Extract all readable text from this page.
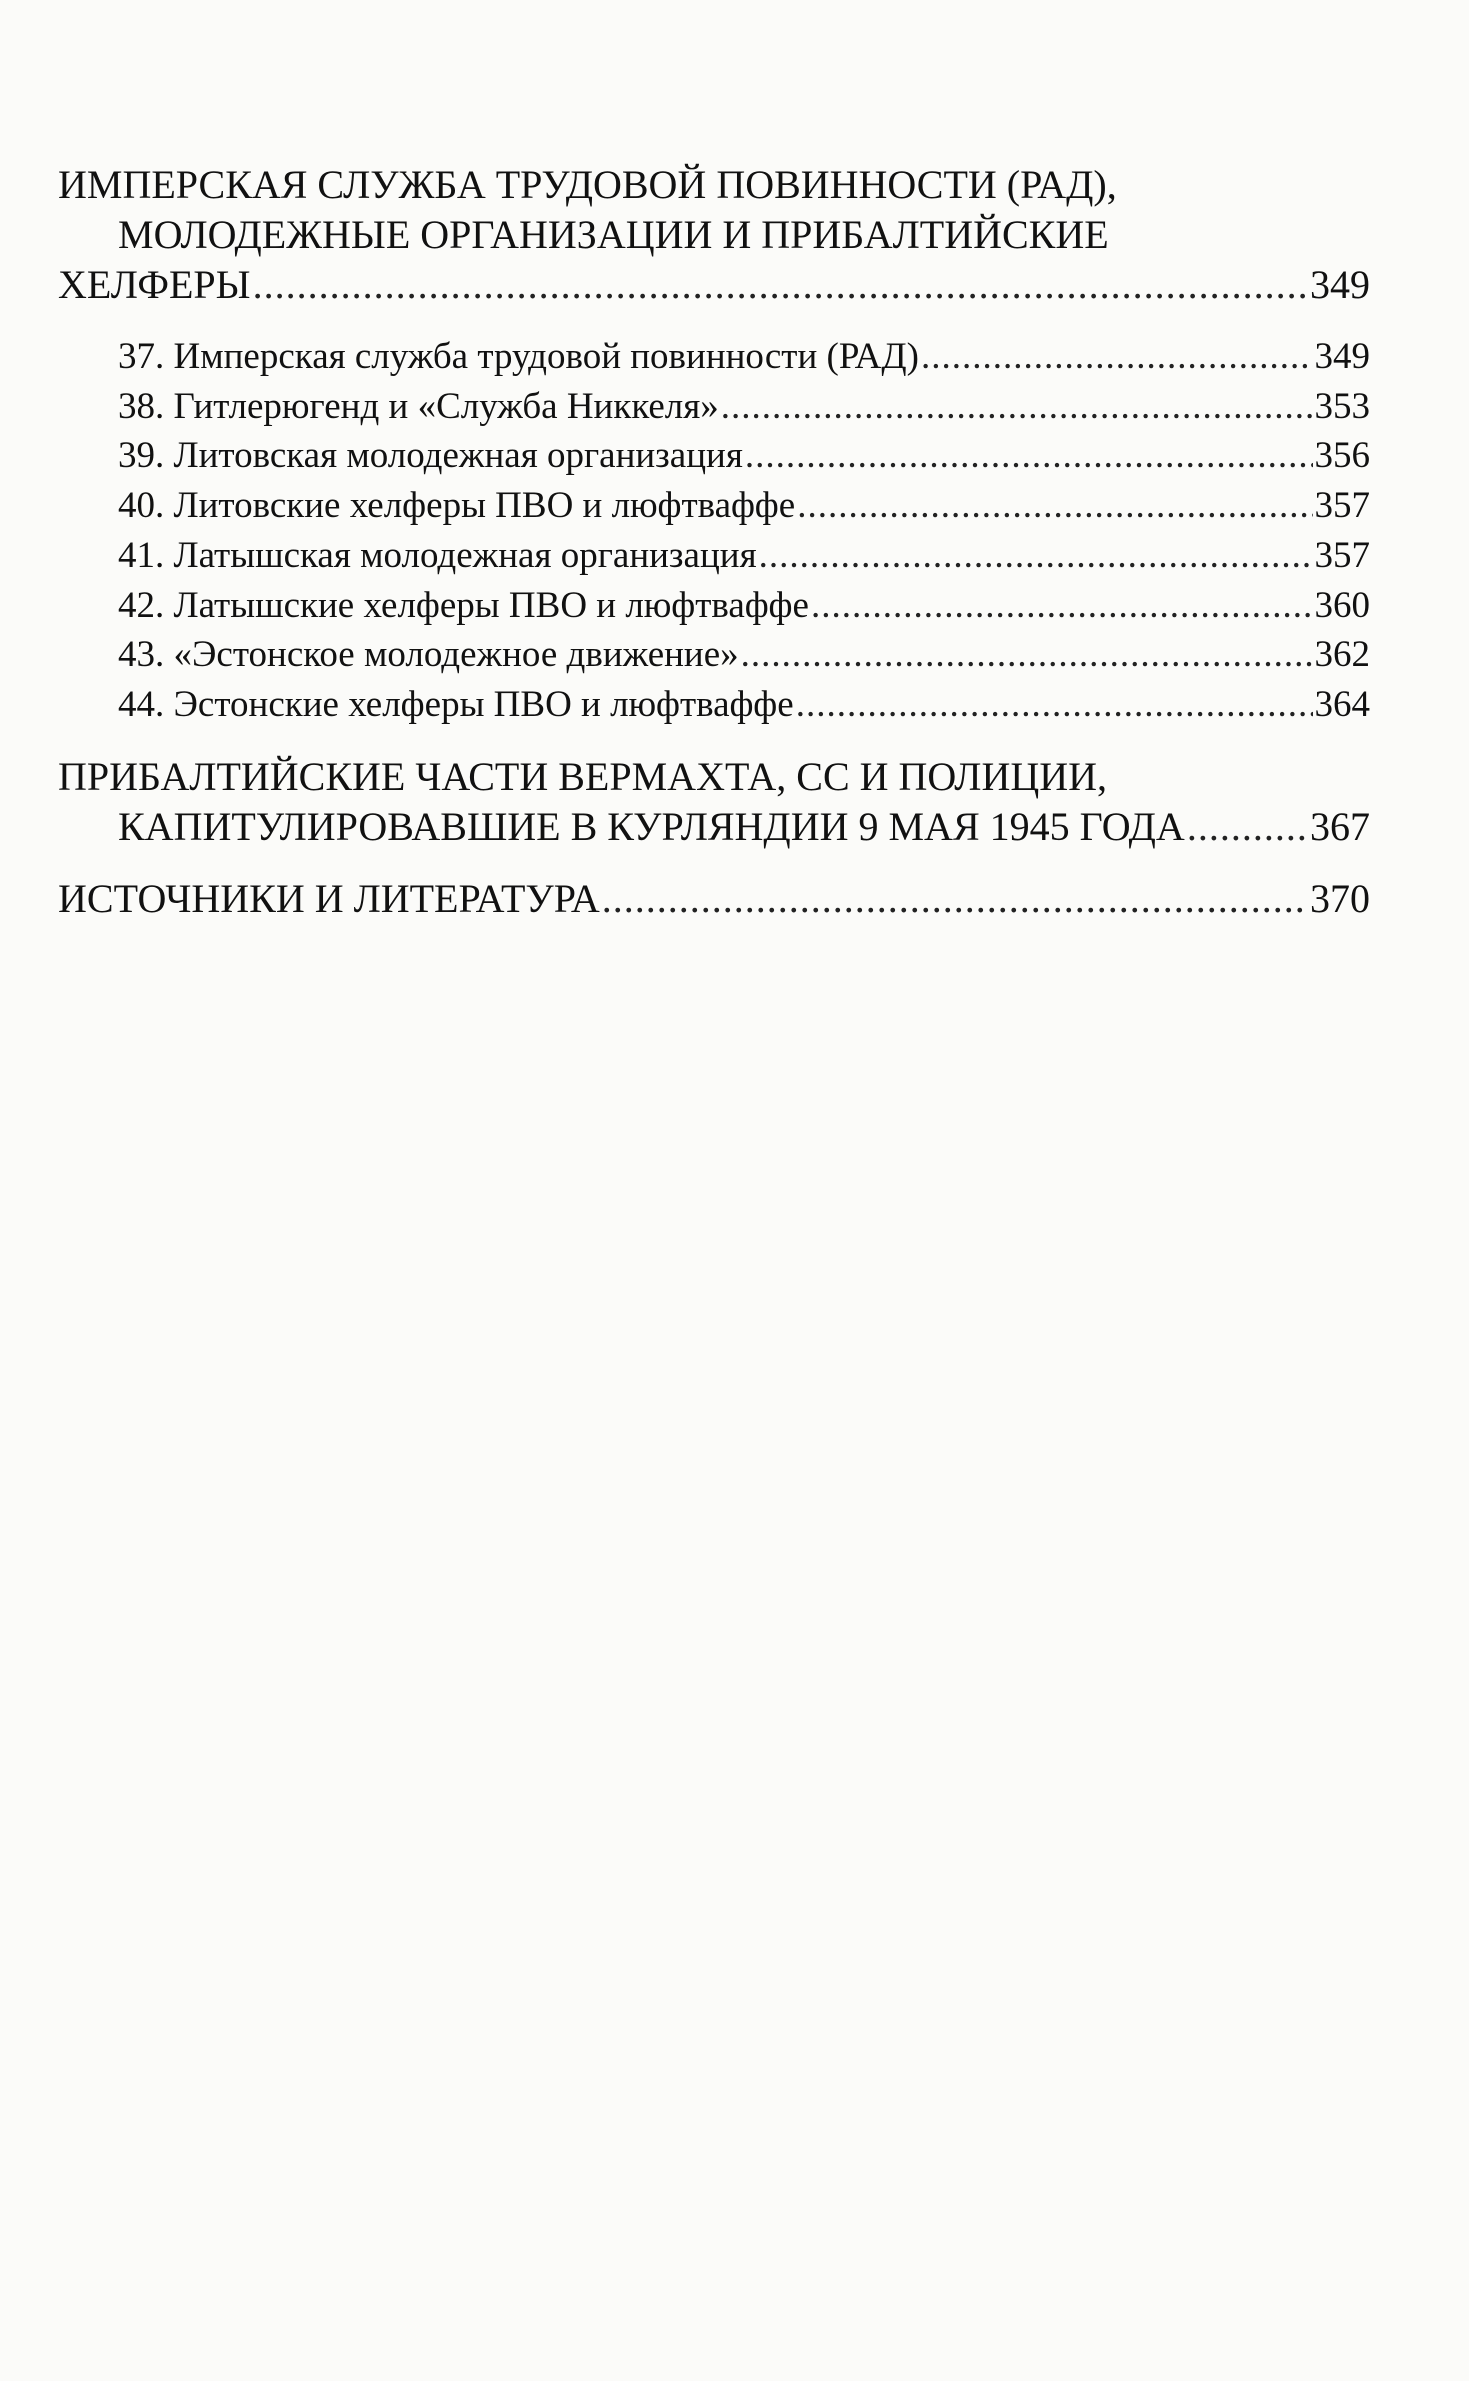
ИМПЕРСКАЯ СЛУЖБА ТРУДОВОЙ ПОВИННОСТИ (РАД),
МОЛОДЕЖНЫЕ ОРГАНИЗАЦИИ И ПРИБАЛТИЙСКИЕ
ХЕЛФЕРЫ .....	349
37. Имперская служба трудовой повинности (РАД) .....	349
38. Гитлерюгенд и «Служба Никкеля» .....	353
39. Литовская молодежная организация .....	356
40. Литовские хелферы ПВО и люфтваффе .....	357
41. Латышская молодежная организация .....	357
42. Латышские хелферы ПВО и люфтваффе .....	360
43. «Эстонское молодежное движение» .....	362
44. Эстонские хелферы ПВО и люфтваффе .....	364
ПРИБАЛТИЙСКИЕ ЧАСТИ ВЕРМАХТА, СС И ПОЛИЦИИ,
КАПИТУЛИРОВАВШИЕ В КУРЛЯНДИИ 9 МАЯ 1945 ГОДА .....	367
ИСТОЧНИКИ И ЛИТЕРАТУРА .....	370
